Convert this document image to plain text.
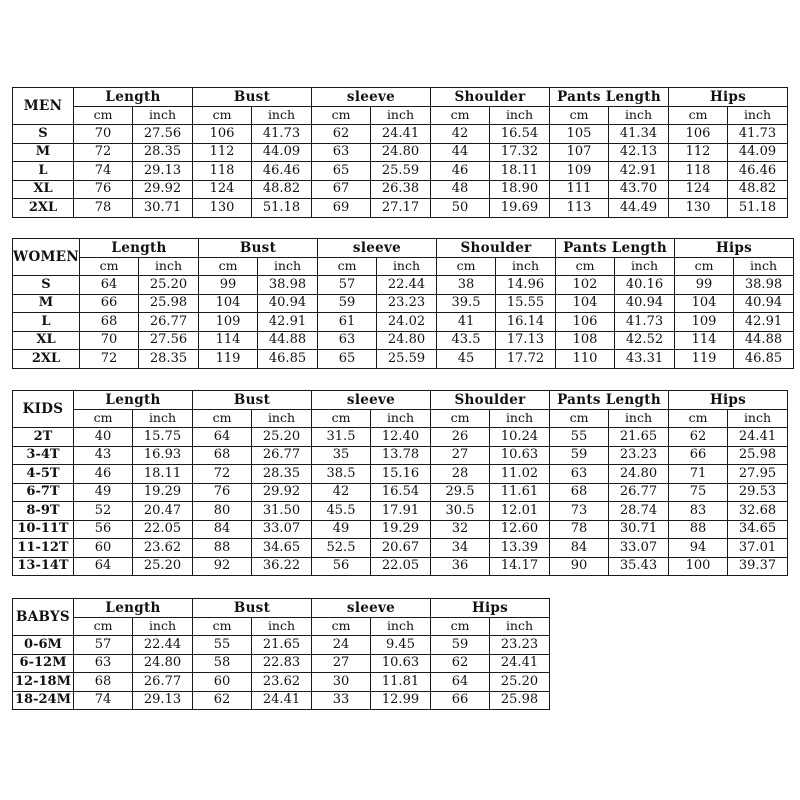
MEN	Length		Bust		sleeve		Shoulder		Pants Length		Hips	
	cm	inch	cm	inch	cm	inch	cm	inch	cm	inch	cm	inch
S	70	27.56	106	41.73	62	24.41	42	16.54	105	41.34	106	41.73
M	72	28.35	112	44.09	63	24.80	44	17.32	107	42.13	112	44.09
L	74	29.13	118	46.46	65	25.59	46	18.11	109	42.91	118	46.46
XL	76	29.92	124	48.82	67	26.38	48	18.90	111	43.70	124	48.82
2XL	78	30.71	130	51.18	69	27.17	50	19.69	113	44.49	130	51.18
WOMEN	Length		Bust		sleeve		Shoulder		Pants Length		Hips	
	cm	inch	cm	inch	cm	inch	cm	inch	cm	inch	cm	inch
S	64	25.20	99	38.98	57	22.44	38	14.96	102	40.16	99	38.98
M	66	25.98	104	40.94	59	23.23	39.5	15.55	104	40.94	104	40.94
L	68	26.77	109	42.91	61	24.02	41	16.14	106	41.73	109	42.91
XL	70	27.56	114	44.88	63	24.80	43.5	17.13	108	42.52	114	44.88
2XL	72	28.35	119	46.85	65	25.59	45	17.72	110	43.31	119	46.85
KIDS	Length		Bust		sleeve		Shoulder		Pants Length		Hips	
	cm	inch	cm	inch	cm	inch	cm	inch	cm	inch	cm	inch
2T	40	15.75	64	25.20	31.5	12.40	26	10.24	55	21.65	62	24.41
3-4T	43	16.93	68	26.77	35	13.78	27	10.63	59	23.23	66	25.98
4-5T	46	18.11	72	28.35	38.5	15.16	28	11.02	63	24.80	71	27.95
6-7T	49	19.29	76	29.92	42	16.54	29.5	11.61	68	26.77	75	29.53
8-9T	52	20.47	80	31.50	45.5	17.91	30.5	12.01	73	28.74	83	32.68
10-11T	56	22.05	84	33.07	49	19.29	32	12.60	78	30.71	88	34.65
11-12T	60	23.62	88	34.65	52.5	20.67	34	13.39	84	33.07	94	37.01
13-14T	64	25.20	92	36.22	56	22.05	36	14.17	90	35.43	100	39.37
BABYS	Length		Bust		sleeve		Hips	
	cm	inch	cm	inch	cm	inch	cm	inch
0-6M	57	22.44	55	21.65	24	9.45	59	23.23
6-12M	63	24.80	58	22.83	27	10.63	62	24.41
12-18M	68	26.77	60	23.62	30	11.81	64	25.20
18-24M	74	29.13	62	24.41	33	12.99	66	25.98
